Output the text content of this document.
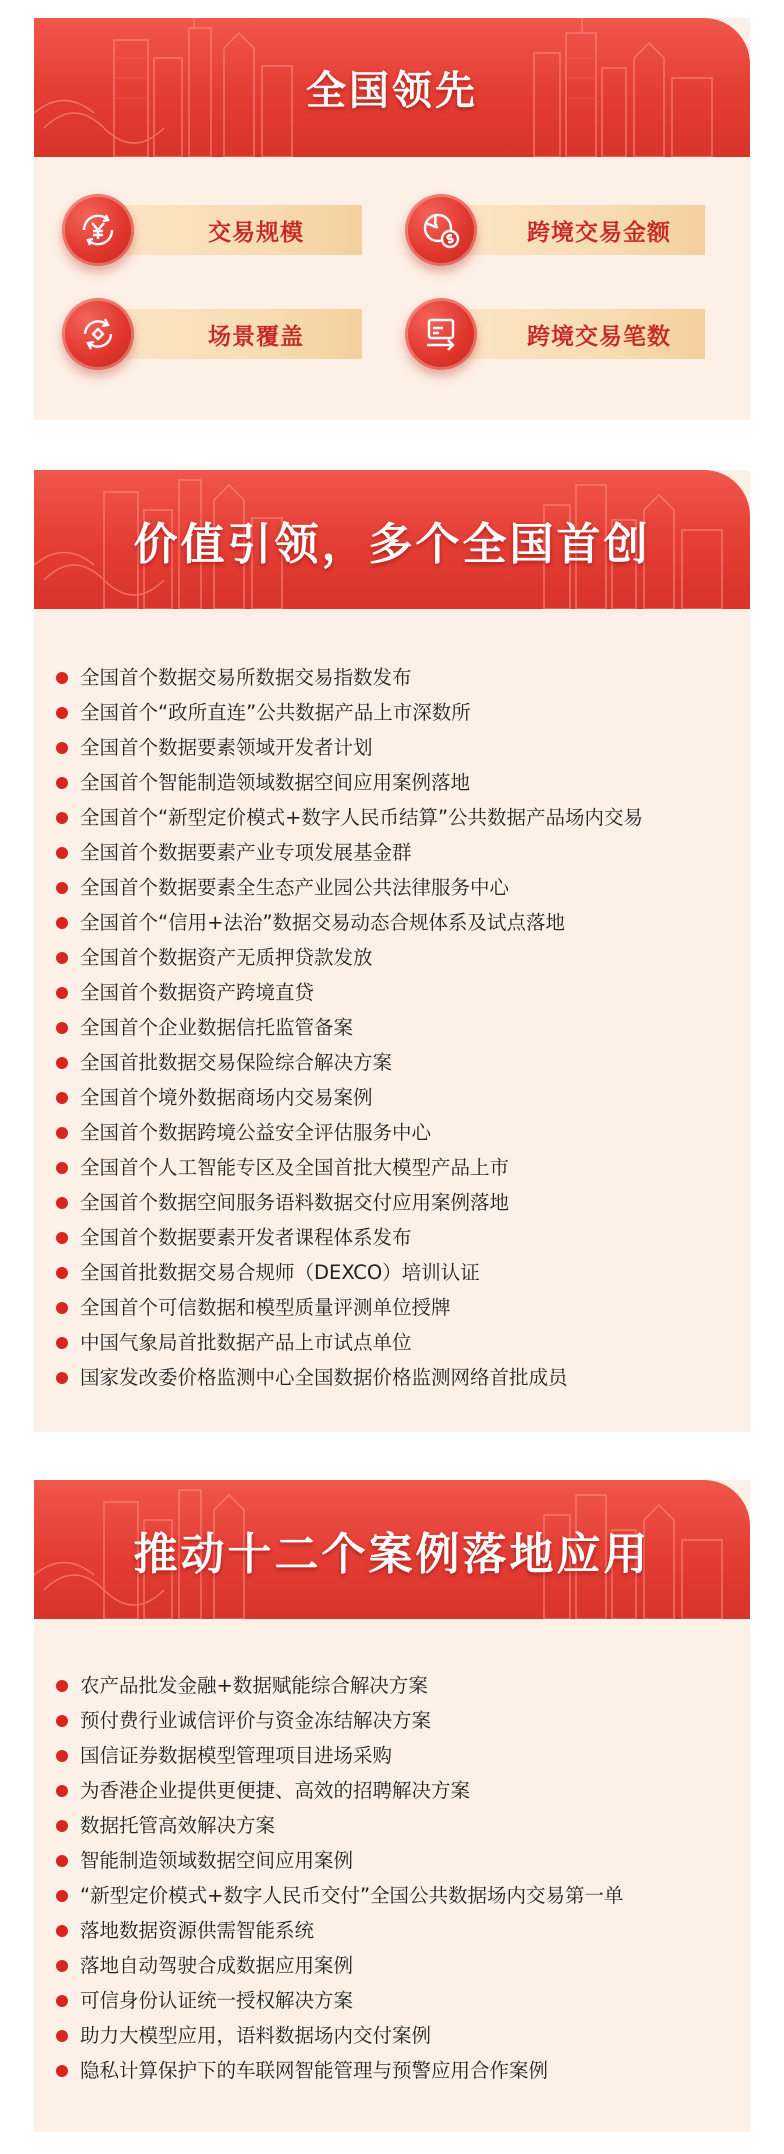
全国领先
交易规模	跨境交易金额
场景覆盖	跨境交易笔数
价值引领，多个全国首创
全国首个数据交易所数据交易指数发布
全国首个“政所直连”公共数据产品上市深数所
全国首个数据要素领域开发者计划
全国首个智能制造领域数据空间应用案例落地
全国首个“新型定价模式+数字人民币结算”公共数据产品场内交易
全国首个数据要素产业专项发展基金群
全国首个数据要素全生态产业园公共法律服务中心
全国首个“信用+法治”数据交易动态合规体系及试点落地
全国首个数据资产无质押贷款发放
全国首个数据资产跨境直贷
全国首个企业数据信托监管备案
全国首批数据交易保险综合解决方案
全国首个境外数据商场内交易案例
全国首个数据跨境公益安全评估服务中心
全国首个人工智能专区及全国首批大模型产品上市
全国首个数据空间服务语料数据交付应用案例落地
全国首个数据要素开发者课程体系发布
全国首批数据交易合规师（DEXCO）培训认证
全国首个可信数据和模型质量评测单位授牌
中国气象局首批数据产品上市试点单位
国家发改委价格监测中心全国数据价格监测网络首批成员
推动十二个案例落地应用
农产品批发金融+数据赋能综合解决方案
预付费行业诚信评价与资金冻结解决方案
国信证券数据模型管理项目进场采购
为香港企业提供更便捷、高效的招聘解决方案
数据托管高效解决方案
智能制造领域数据空间应用案例
“新型定价模式+数字人民币交付”全国公共数据场内交易第一单
落地数据资源供需智能系统
落地自动驾驶合成数据应用案例
可信身份认证统一授权解决方案
助力大模型应用，语料数据场内交付案例
隐私计算保护下的车联网智能管理与预警应用合作案例
